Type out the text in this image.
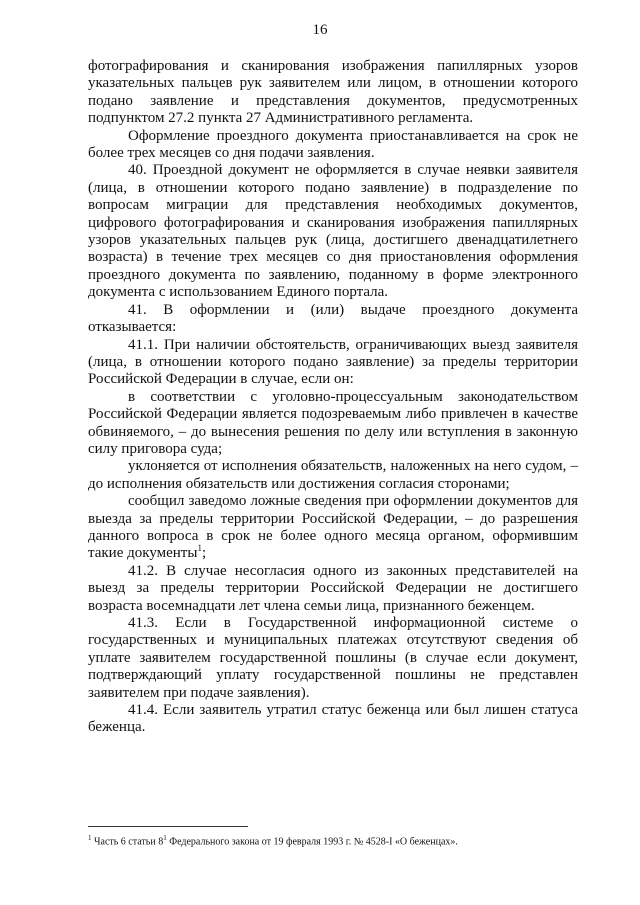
16

фотографирования и сканирования изображения папиллярных узоров указательных пальцев рук заявителем или лицом, в отношении которого подано заявление и представления документов, предусмотренных подпунктом 27.2 пункта 27 Административного регламента.

Оформление проездного документа приостанавливается на срок не более трех месяцев со дня подачи заявления.

40. Проездной документ не оформляется в случае неявки заявителя (лица, в отношении которого подано заявление) в подразделение по вопросам миграции для представления необходимых документов, цифрового фотографирования и сканирования изображения папиллярных узоров указательных пальцев рук (лица, достигшего двенадцатилетнего возраста) в течение трех месяцев со дня приостановления оформления проездного документа по заявлению, поданному в форме электронного документа с использованием Единого портала.

41. В оформлении и (или) выдаче проездного документа отказывается:

41.1. При наличии обстоятельств, ограничивающих выезд заявителя (лица, в отношении которого подано заявление) за пределы территории Российской Федерации в случае, если он:

в соответствии с уголовно-процессуальным законодательством Российской Федерации является подозреваемым либо привлечен в качестве обвиняемого, – до вынесения решения по делу или вступления в законную силу приговора суда;

уклоняется от исполнения обязательств, наложенных на него судом, – до исполнения обязательств или достижения согласия сторонами;

сообщил заведомо ложные сведения при оформлении документов для выезда за пределы территории Российской Федерации, – до разрешения данного вопроса в срок не более одного месяца органом, оформившим такие документы$^1$;

41.2. В случае несогласия одного из законных представителей на выезд за пределы территории Российской Федерации не достигшего возраста восемнадцати лет члена семьи лица, признанного беженцем.

41.3. Если в Государственной информационной системе о государственных и муниципальных платежах отсутствуют сведения об уплате заявителем государственной пошлины (в случае если документ, подтверждающий уплату государственной пошлины не представлен заявителем при подаче заявления).

41.4. Если заявитель утратил статус беженца или был лишен статуса беженца.

$^1$ Часть 6 статьи $8^1$ Федерального закона от 19 февраля 1993 г. № 4528-I «О беженцах».
